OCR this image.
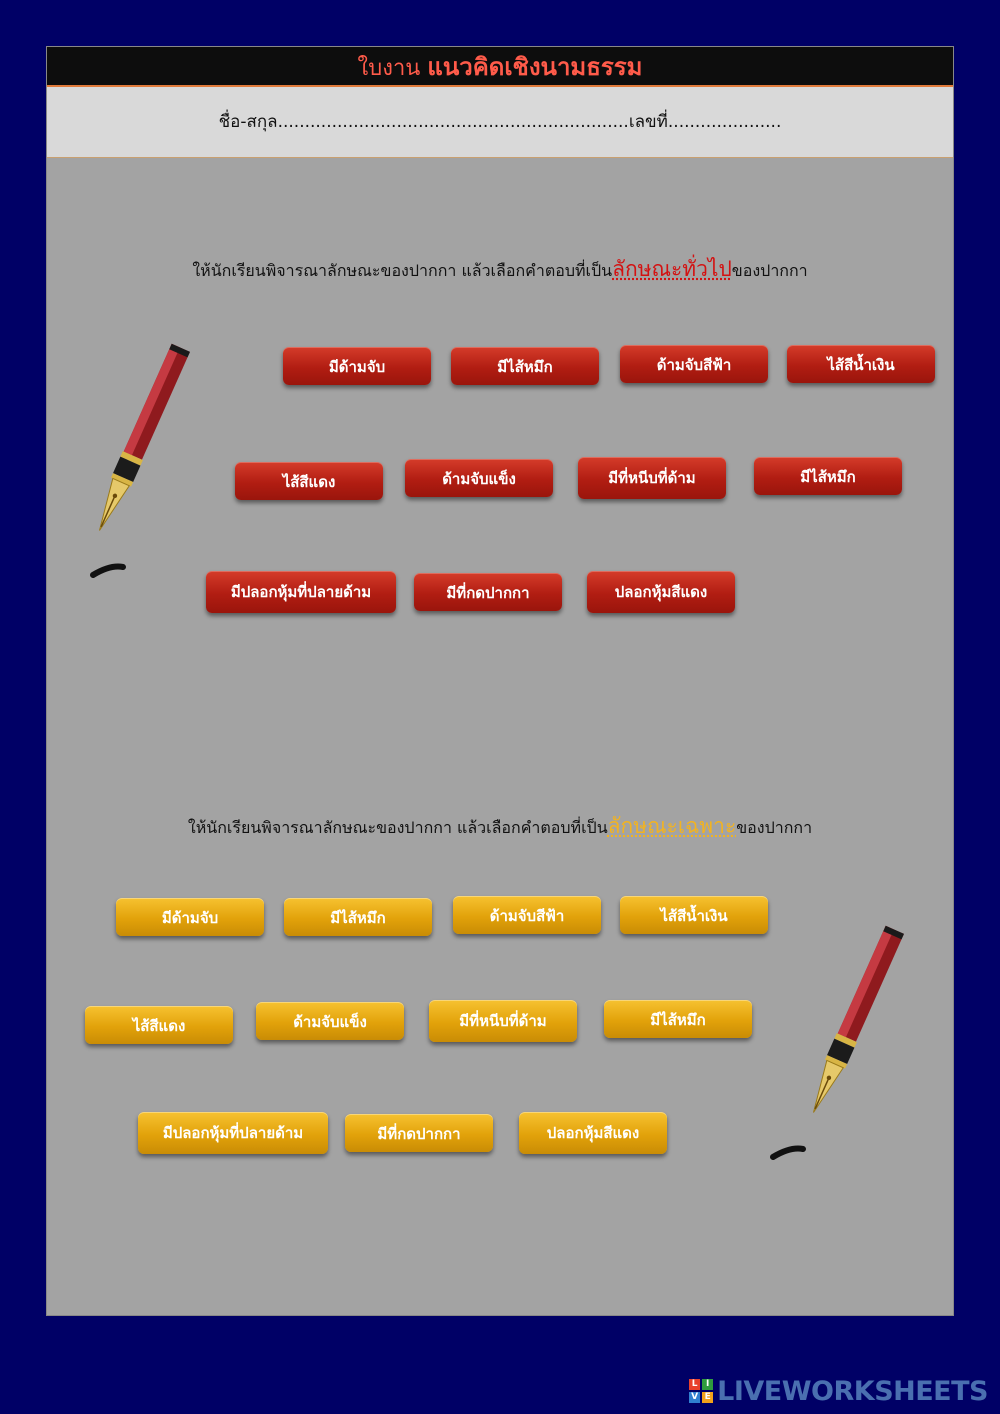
ใบงาน แนวคิดเชิงนามธรรม
ชื่อ-สกุล.................................................................เลขที่.....................
ให้นักเรียนพิจารณาลักษณะของปากกา แล้วเลือกคำตอบที่เป็นลักษณะทั่วไปของปากกา
มีด้ามจับ	มีไส้หมึก	ด้ามจับสีฟ้า	ไส้สีน้ำเงิน
ไส้สีแดง	ด้ามจับแข็ง	มีที่หนีบที่ด้าม	มีไส้หมึก
มีปลอกหุ้มที่ปลายด้าม	มีที่กดปากกา	ปลอกหุ้มสีแดง
ให้นักเรียนพิจารณาลักษณะของปากกา แล้วเลือกคำตอบที่เป็นลักษณะเฉพาะของปากกา
มีด้ามจับ	มีไส้หมึก	ด้ามจับสีฟ้า	ไส้สีน้ำเงิน
ไส้สีแดง	ด้ามจับแข็ง	มีที่หนีบที่ด้าม	มีไส้หมึก
มีปลอกหุ้มที่ปลายด้าม	มีที่กดปากกา	ปลอกหุ้มสีแดง
L I
V E LIVEWORKSHEETS
